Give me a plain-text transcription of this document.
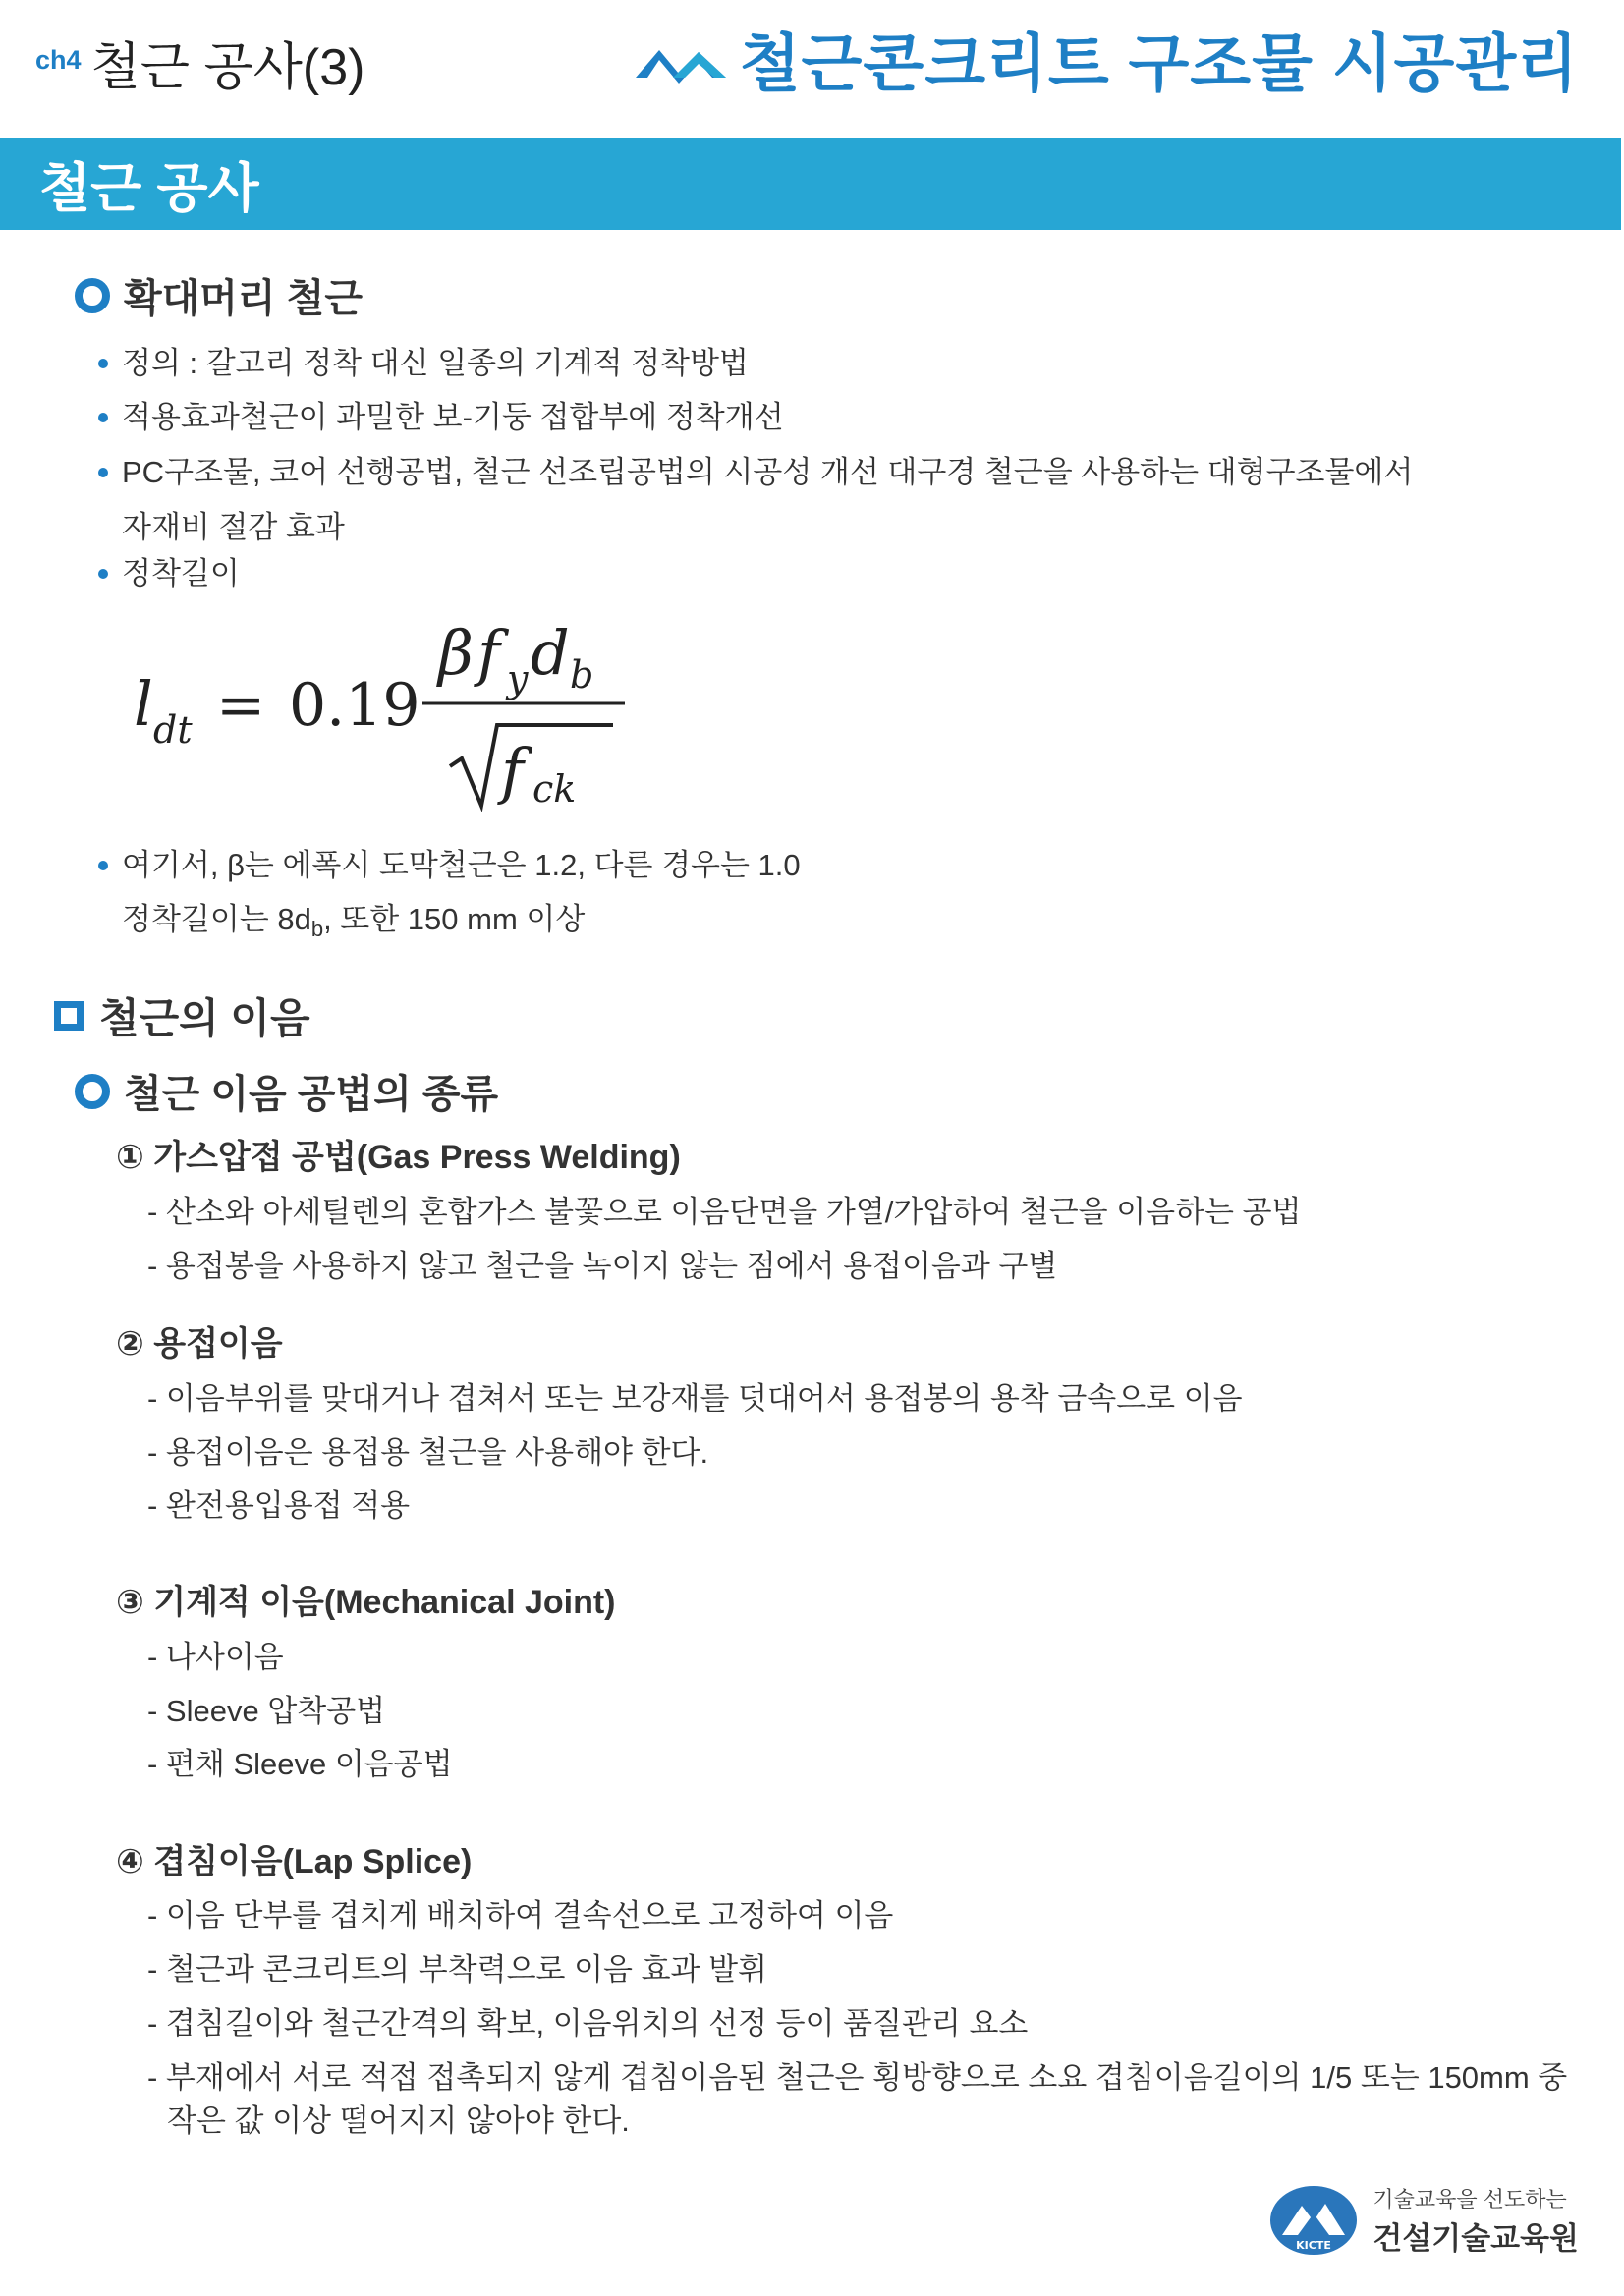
ch4 철근 공사(3)	철근콘크리트 구조물 시공관리
철근 공사
확대머리 철근
정의 : 갈고리 정착 대신 일종의 기계적 정착방법
적용효과철근이 과밀한 보-기둥 접합부에 정착개선
PC구조물, 코어 선행공법, 철근 선조립공법의 시공성 개선 대구경 철근을 사용하는 대형구조물에서
자재비 절감 효과
정착길이
l dt = 0.19
β f y d b
f ck
여기서, β는 에폭시 도막철근은 1.2, 다른 경우는 1.0
정착길이는 $8d_b$, 또한 150 mm 이상
철근의 이음
철근 이음 공법의 종류
① 가스압접 공법(Gas Press Welding)
- 산소와 아세틸렌의 혼합가스 불꽃으로 이음단면을 가열/가압하여 철근을 이음하는 공법
- 용접봉을 사용하지 않고 철근을 녹이지 않는 점에서 용접이음과 구별
② 용접이음
- 이음부위를 맞대거나 겹쳐서 또는 보강재를 덧대어서 용접봉의 용착 금속으로 이음
- 용접이음은 용접용 철근을 사용해야 한다.
- 완전용입용접 적용
③ 기계적 이음(Mechanical Joint)
- 나사이음
- Sleeve 압착공법
- 편채 Sleeve 이음공법
④ 겹침이음(Lap Splice)
- 이음 단부를 겹치게 배치하여 결속선으로 고정하여 이음
- 철근과 콘크리트의 부착력으로 이음 효과 발휘
- 겹침길이와 철근간격의 확보, 이음위치의 선정 등이 품질관리 요소
- 부재에서 서로 적접 접촉되지 않게 겹침이음된 철근은 횡방향으로 소요 겹침이음길이의 1/5 또는 150mm 중
작은 값 이상 떨어지지 않아야 한다.
KICTE
기술교육을 선도하는
건설기술교육원
